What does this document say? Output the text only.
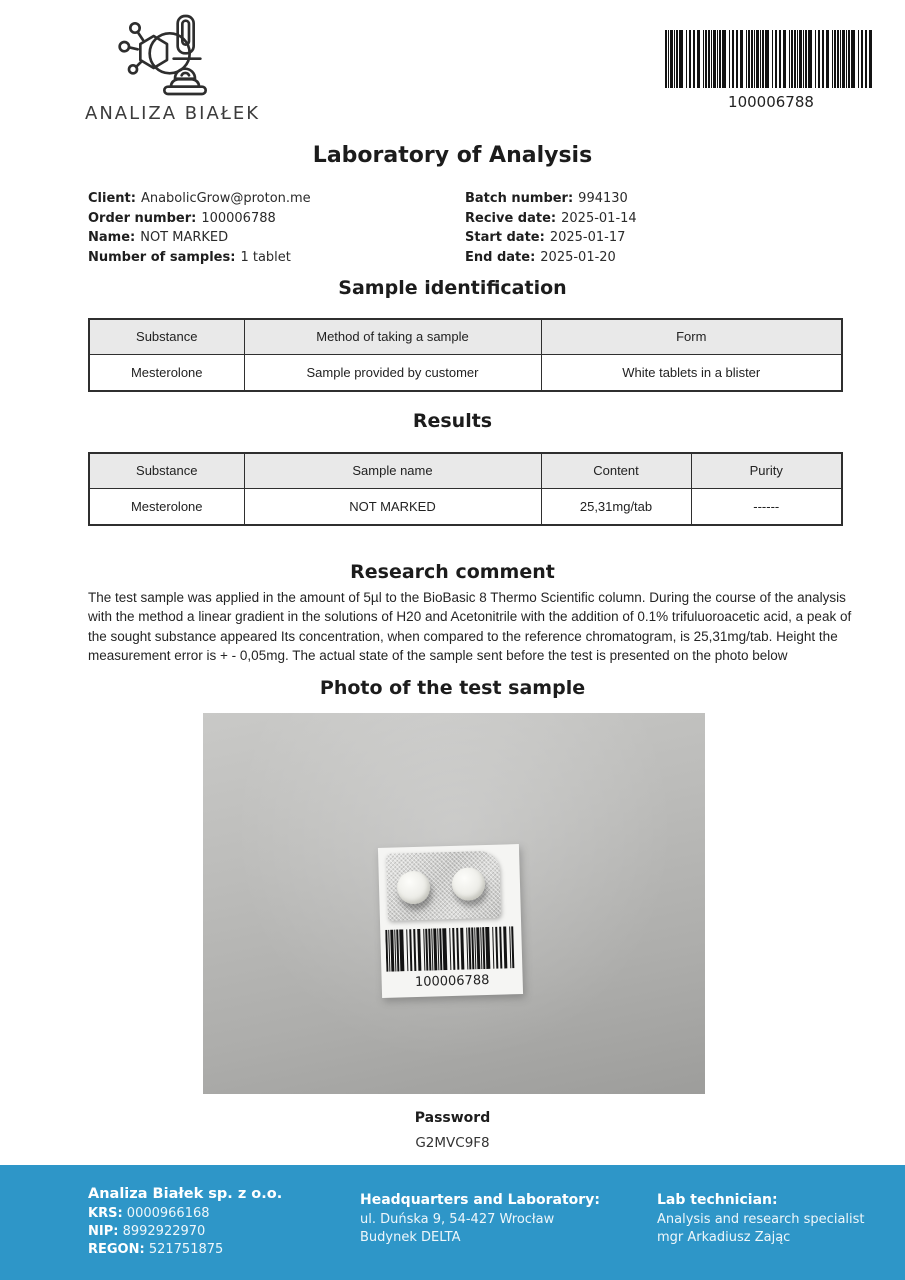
ANALIZA BIAŁEK
100006788
Laboratory of Analysis
Client: AnabolicGrow@proton.me
Order number: 100006788
Name: NOT MARKED
Number of samples: 1 tablet
Batch number: 994130
Recive date: 2025-01-14
Start date: 2025-01-17
End date: 2025-01-20
Sample identification
Substance	Method of taking a sample	Form
Mesterolone	Sample provided by customer	White tablets in a blister
Results
Substance	Sample name	Content	Purity
Mesterolone	NOT MARKED	25,31mg/tab	------
Research comment

The test sample was applied in the amount of 5µl to the BioBasic 8 Thermo Scientific column. During the course of the analysis with the method a linear gradient in the solutions of H20 and Acetonitrile with the addition of 0.1% trifuluoroacetic acid, a peak of the sought substance appeared Its concentration, when compared to the reference chromatogram, is 25,31mg/tab. Height the measurement error is + - 0,05mg. The actual state of the sample sent before the test is presented on the photo below

Photo of the test sample
100006788
Password
G2MVC9F8
Analiza Białek sp. z o.o.
KRS: 0000966168
NIP: 8992922970
REGON: 521751875
Headquarters and Laboratory:
ul. Duńska 9, 54-427 Wrocław
Budynek DELTA
Lab technician:
Analysis and research specialist
mgr Arkadiusz Zając
